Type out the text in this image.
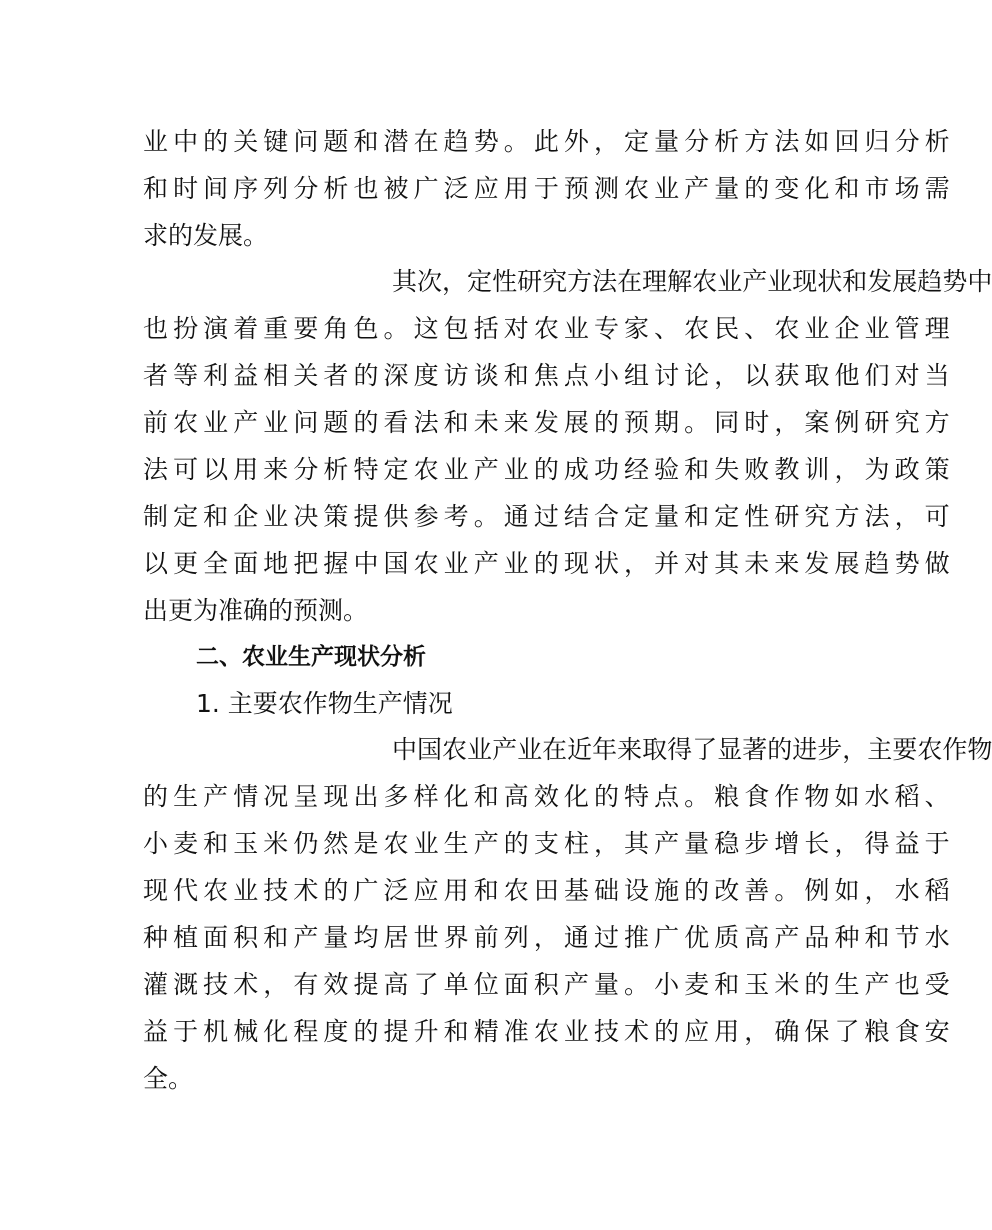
业 中 的 关 键 问 题 和 潜 在 趋 势 。 此 外 ， 定 量 分 析 方 法 如 回 归 分 析
和 时 间 序 列 分 析 也 被 广 泛 应 用 于 预 测 农 业 产 量 的 变 化 和 市 场 需
求的发展。
其 次 ， 定 性 研 究 方 法 在 理 解 农 业 产 业 现 状 和 发 展 趋 势 中
也 扮 演 着 重 要 角 色 。 这 包 括 对 农 业 专 家 、 农 民 、 农 业 企 业 管 理
者 等 利 益 相 关 者 的 深 度 访 谈 和 焦 点 小 组 讨 论 ， 以 获 取 他 们 对 当
前 农 业 产 业 问 题 的 看 法 和 未 来 发 展 的 预 期 。 同 时 ， 案 例 研 究 方
法 可 以 用 来 分 析 特 定 农 业 产 业 的 成 功 经 验 和 失 败 教 训 ， 为 政 策
制 定 和 企 业 决 策 提 供 参 考 。 通 过 结 合 定 量 和 定 性 研 究 方 法 ， 可
以 更 全 面 地 把 握 中 国 农 业 产 业 的 现 状 ， 并 对 其 未 来 发 展 趋 势 做
出更为准确的预测。
二、农业生产现状分析
1. 主要农作物生产情况
中 国 农 业 产 业 在 近 年 来 取 得 了 显 著 的 进 步 ， 主 要 农 作 物
的 生 产 情 况 呈 现 出 多 样 化 和 高 效 化 的 特 点 。 粮 食 作 物 如 水 稻 、
小 麦 和 玉 米 仍 然 是 农 业 生 产 的 支 柱 ， 其 产 量 稳 步 增 长 ， 得 益 于
现 代 农 业 技 术 的 广 泛 应 用 和 农 田 基 础 设 施 的 改 善 。 例 如 ， 水 稻
种 植 面 积 和 产 量 均 居 世 界 前 列 ， 通 过 推 广 优 质 高 产 品 种 和 节 水
灌 溉 技 术 ， 有 效 提 高 了 单 位 面 积 产 量 。 小 麦 和 玉 米 的 生 产 也 受
益 于 机 械 化 程 度 的 提 升 和 精 准 农 业 技 术 的 应 用 ， 确 保 了 粮 食 安
全。
